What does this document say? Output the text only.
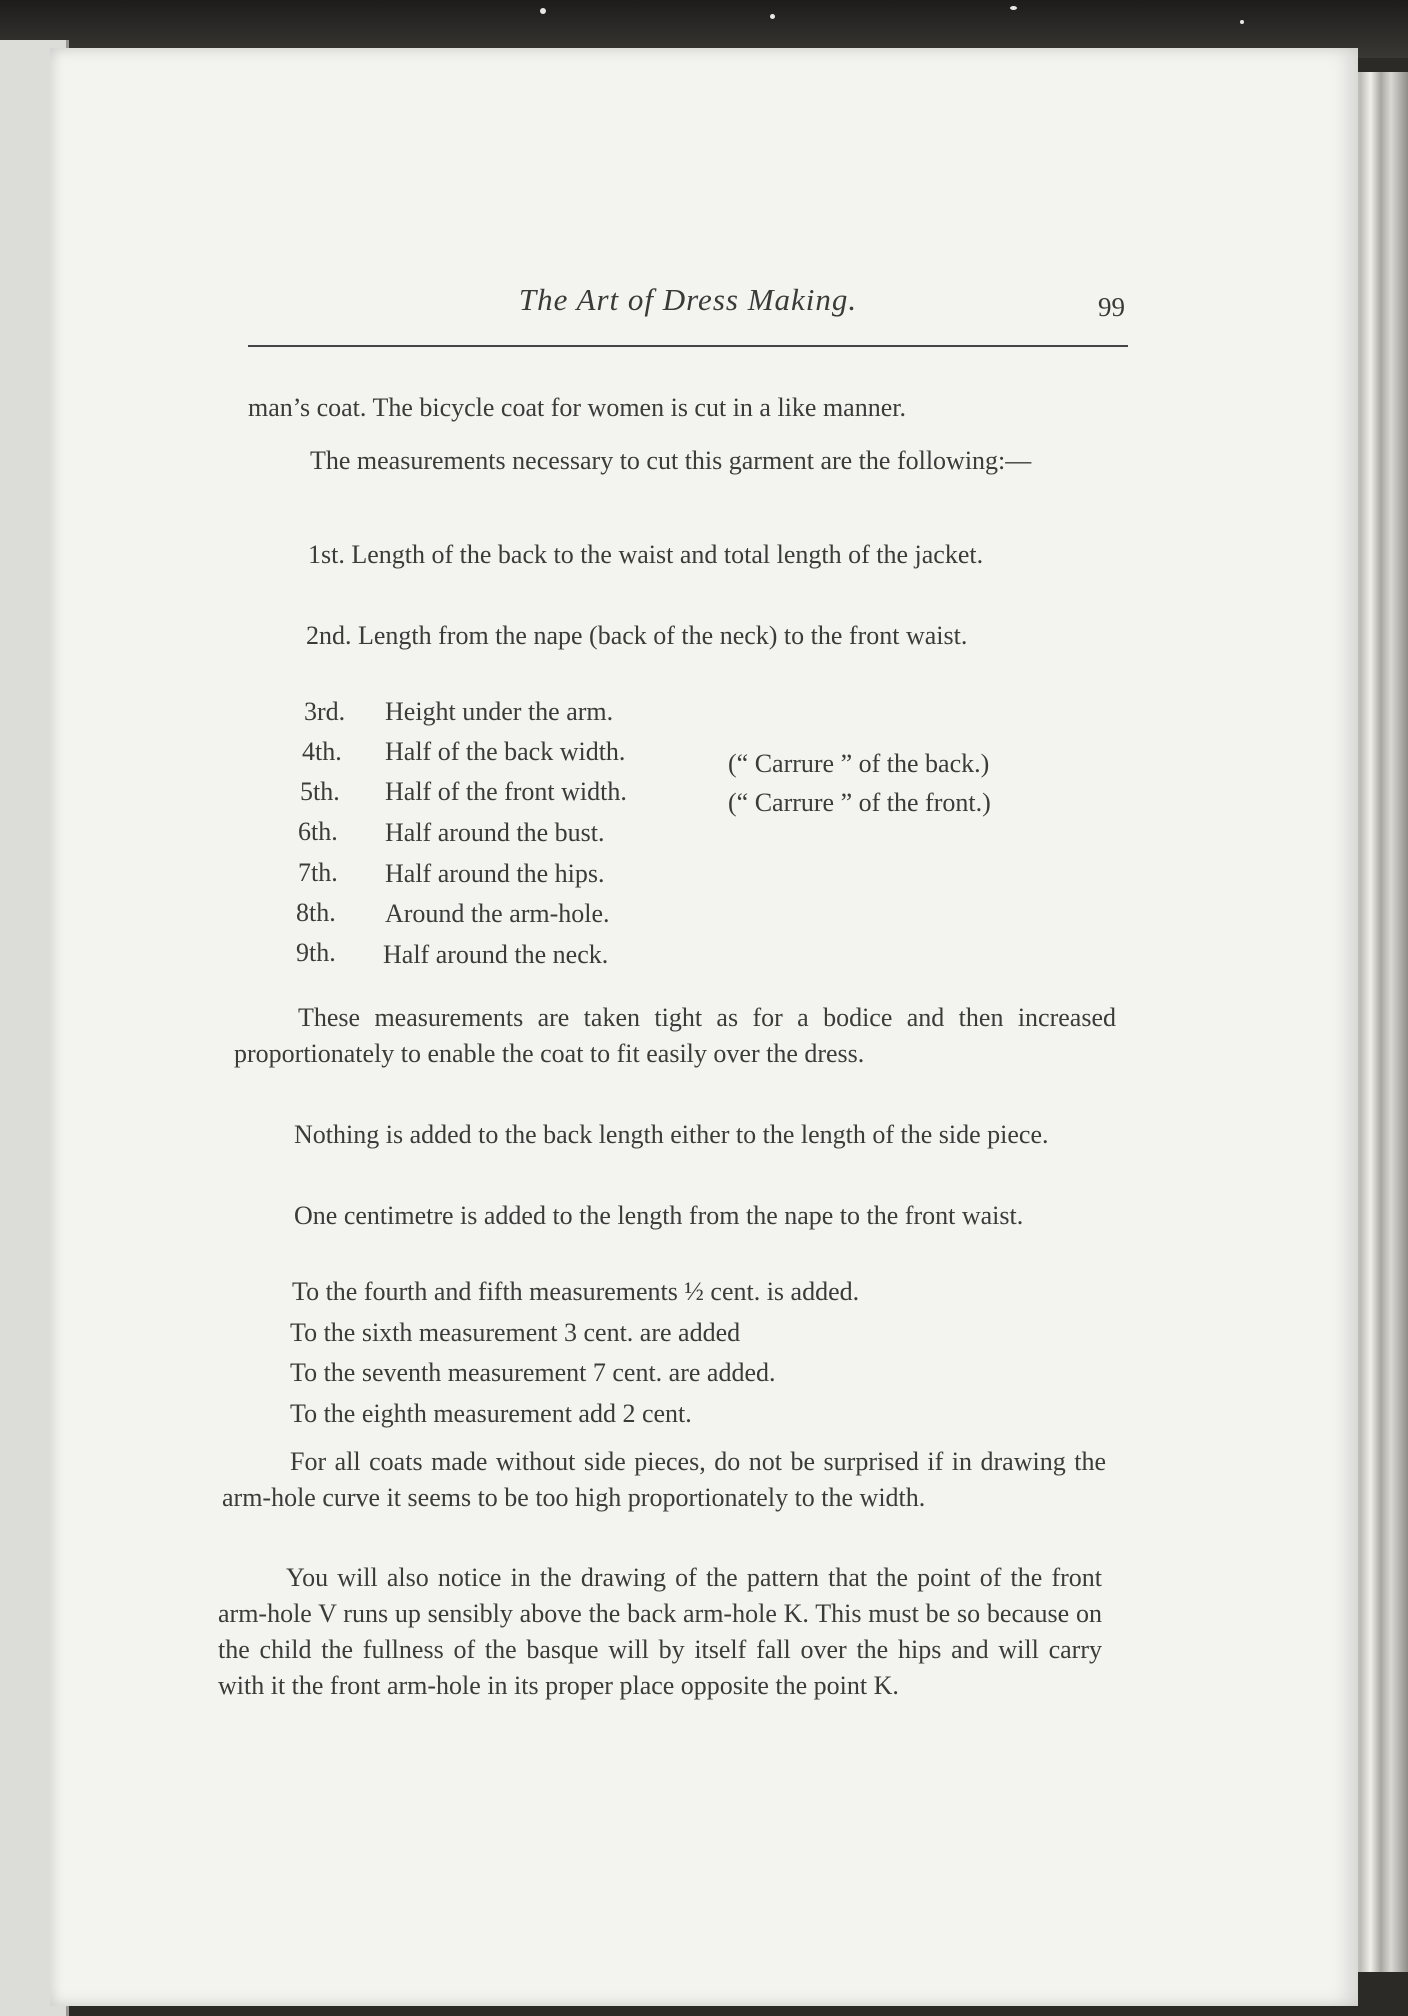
The Art of Dress Making.	99

man’s coat. The bicycle coat for women is cut in a like manner.

The measurements necessary to cut this garment are the following:—

1st. Length of the back to the waist and total length of the jacket.

2nd. Length from the nape (back of the neck) to the front waist.

3rd. Height under the arm.
4th. Half of the back width.	(“ Carrure ” of the back.)
5th. Half of the front width.	(“ Carrure ” of the front.)
6th. Half around the bust.
7th. Half around the hips.
8th. Around the arm-hole.
9th. Half around the neck.

These measurements are taken tight as for a bodice and then increased proportionately to enable the coat to fit easily over the dress.

Nothing is added to the back length either to the length of the side piece.

One centimetre is added to the length from the nape to the front waist.

To the fourth and fifth measurements ½ cent. is added.

To the sixth measurement 3 cent. are added

To the seventh measurement 7 cent. are added.

To the eighth measurement add 2 cent.

For all coats made without side pieces, do not be surprised if in drawing the arm-hole curve it seems to be too high proportionately to the width.

You will also notice in the drawing of the pattern that the point of the front arm-hole V runs up sensibly above the back arm-hole K. This must be so because on the child the fullness of the basque will by itself fall over the hips and will carry with it the front arm-hole in its proper place opposite the point K.
